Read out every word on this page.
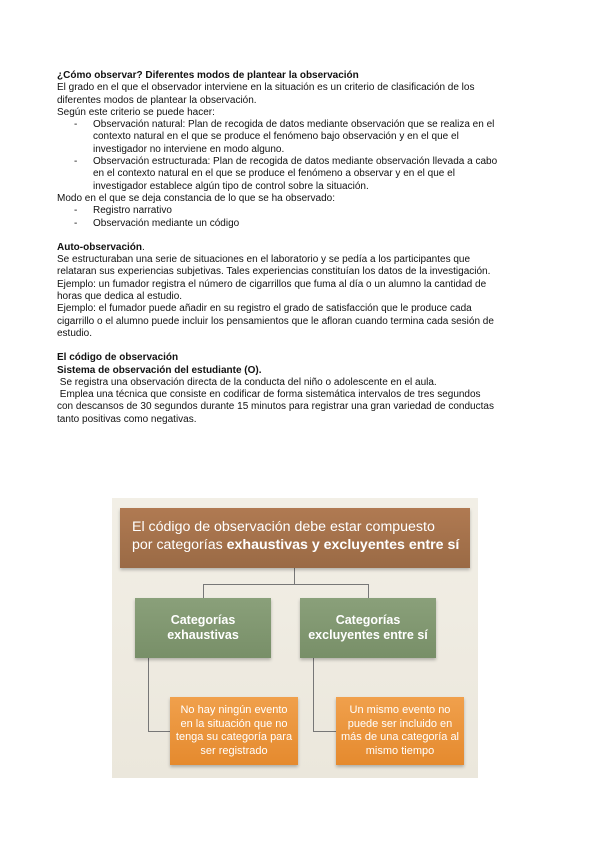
¿Cómo observar? Diferentes modos de plantear la observación

El grado en el que el observador interviene en la situación es un criterio de clasificación de los

diferentes modos de plantear la observación.

Según este criterio se puede hacer:

- Observación natural: Plan de recogida de datos mediante observación que se realiza en el
contexto natural en el que se produce el fenómeno bajo observación y en el que el
investigador no interviene en modo alguno.
- Observación estructurada: Plan de recogida de datos mediante observación llevada a cabo
en el contexto natural en el que se produce el fenómeno a observar y en el que el
investigador establece algún tipo de control sobre la situación.

Modo en el que se deja constancia de lo que se ha observado:

- Registro narrativo
- Observación mediante un código

Auto-observación.

Se estructuraban una serie de situaciones en el laboratorio y se pedía a los participantes que

relataran sus experiencias subjetivas. Tales experiencias constituían los datos de la investigación.

Ejemplo: un fumador registra el número de cigarrillos que fuma al día o un alumno la cantidad de

horas que dedica al estudio.

Ejemplo: el fumador puede añadir en su registro el grado de satisfacción que le produce cada

cigarrillo o el alumno puede incluir los pensamientos que le afloran cuando termina cada sesión de

estudio.

El código de observación

Sistema de observación del estudiante (O).

Se registra una observación directa de la conducta del niño o adolescente en el aula.

Emplea una técnica que consiste en codificar de forma sistemática intervalos de tres segundos

con descansos de 30 segundos durante 15 minutos para registrar una gran variedad de conductas

tanto positivas como negativas.

El código de observación debe estar compuesto
por categorías exhaustivas y excluyentes entre sí
Categorías
exhaustivas
Categorías
excluyentes entre sí
No hay ningún evento en la situación que no tenga su categoría para ser registrado
Un mismo evento no puede ser incluido en más de una categoría al mismo tiempo
